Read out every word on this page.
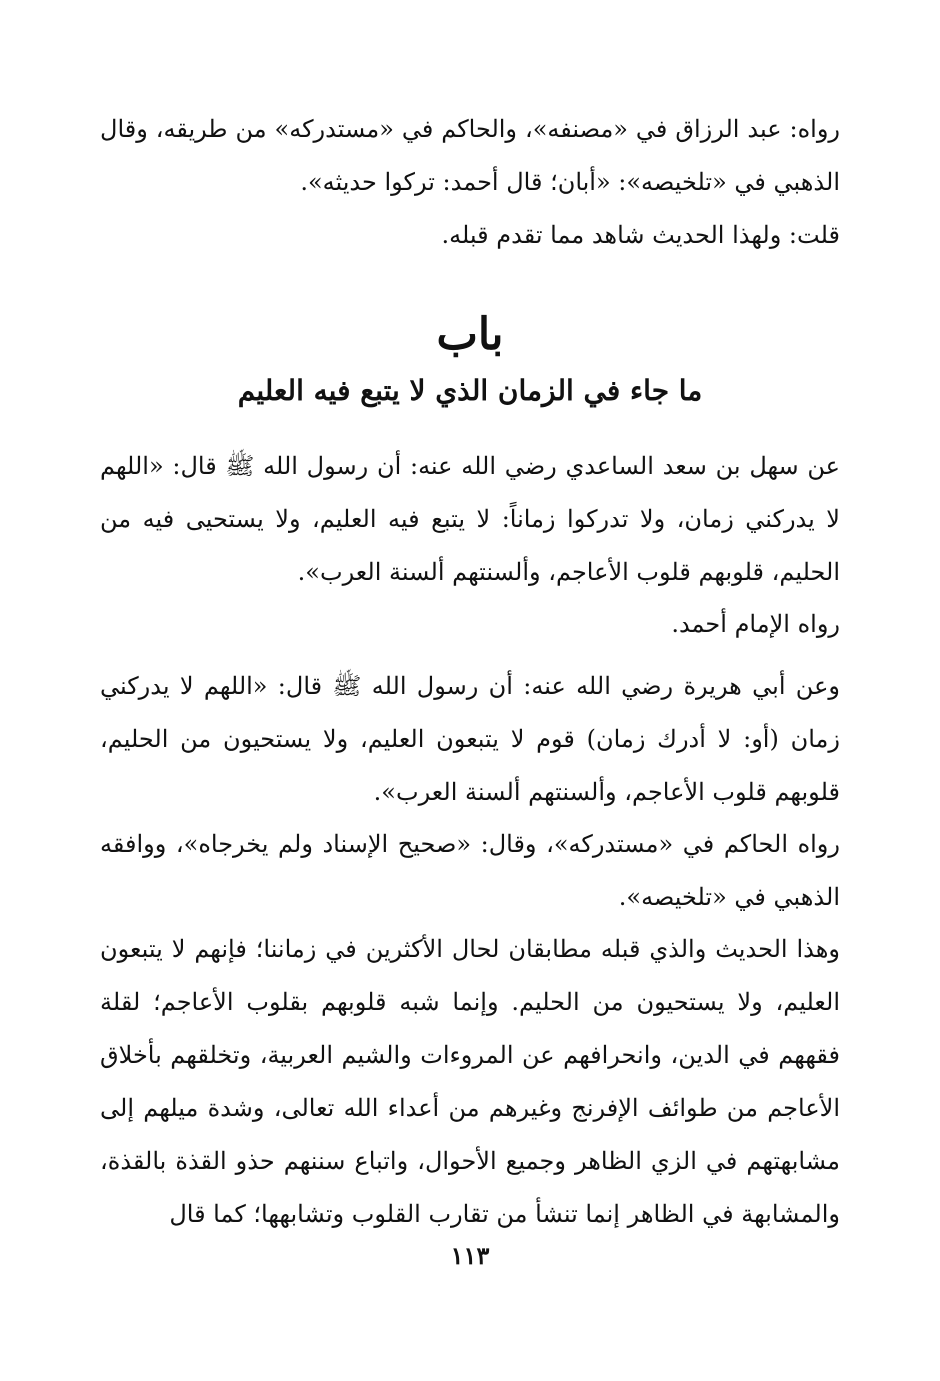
رواه: عبد الرزاق في «مصنفه»، والحاكم في «مستدركه» من طريقه، وقال الذهبي في «تلخيصه»: «أبان؛ قال أحمد: تركوا حديثه».

قلت: ولهذا الحديث شاهد مما تقدم قبله.

باب
ما جاء في الزمان الذي لا يتبع فيه العليم

عن سهل بن سعد الساعدي رضي الله عنه: أن رسول الله ﷺ قال: «اللهم لا يدركني زمان، ولا تدركوا زماناً: لا يتبع فيه العليم، ولا يستحيى فيه من الحليم، قلوبهم قلوب الأعاجم، وألسنتهم ألسنة العرب».

رواه الإمام أحمد.

وعن أبي هريرة رضي الله عنه: أن رسول الله ﷺ قال: «اللهم لا يدركني زمان (أو: لا أدرك زمان) قوم لا يتبعون العليم، ولا يستحيون من الحليم، قلوبهم قلوب الأعاجم، وألسنتهم ألسنة العرب».

رواه الحاكم في «مستدركه»، وقال: «صحيح الإسناد ولم يخرجاه»، ووافقه الذهبي في «تلخيصه».

وهذا الحديث والذي قبله مطابقان لحال الأكثرين في زماننا؛ فإنهم لا يتبعون العليم، ولا يستحيون من الحليم. وإنما شبه قلوبهم بقلوب الأعاجم؛ لقلة فقههم في الدين، وانحرافهم عن المروءات والشيم العربية، وتخلقهم بأخلاق الأعاجم من طوائف الإفرنج وغيرهم من أعداء الله تعالى، وشدة ميلهم إلى مشابهتهم في الزي الظاهر وجميع الأحوال، واتباع سننهم حذو القذة بالقذة، والمشابهة في الظاهر إنما تنشأ من تقارب القلوب وتشابهها؛ كما قال

١١٣
